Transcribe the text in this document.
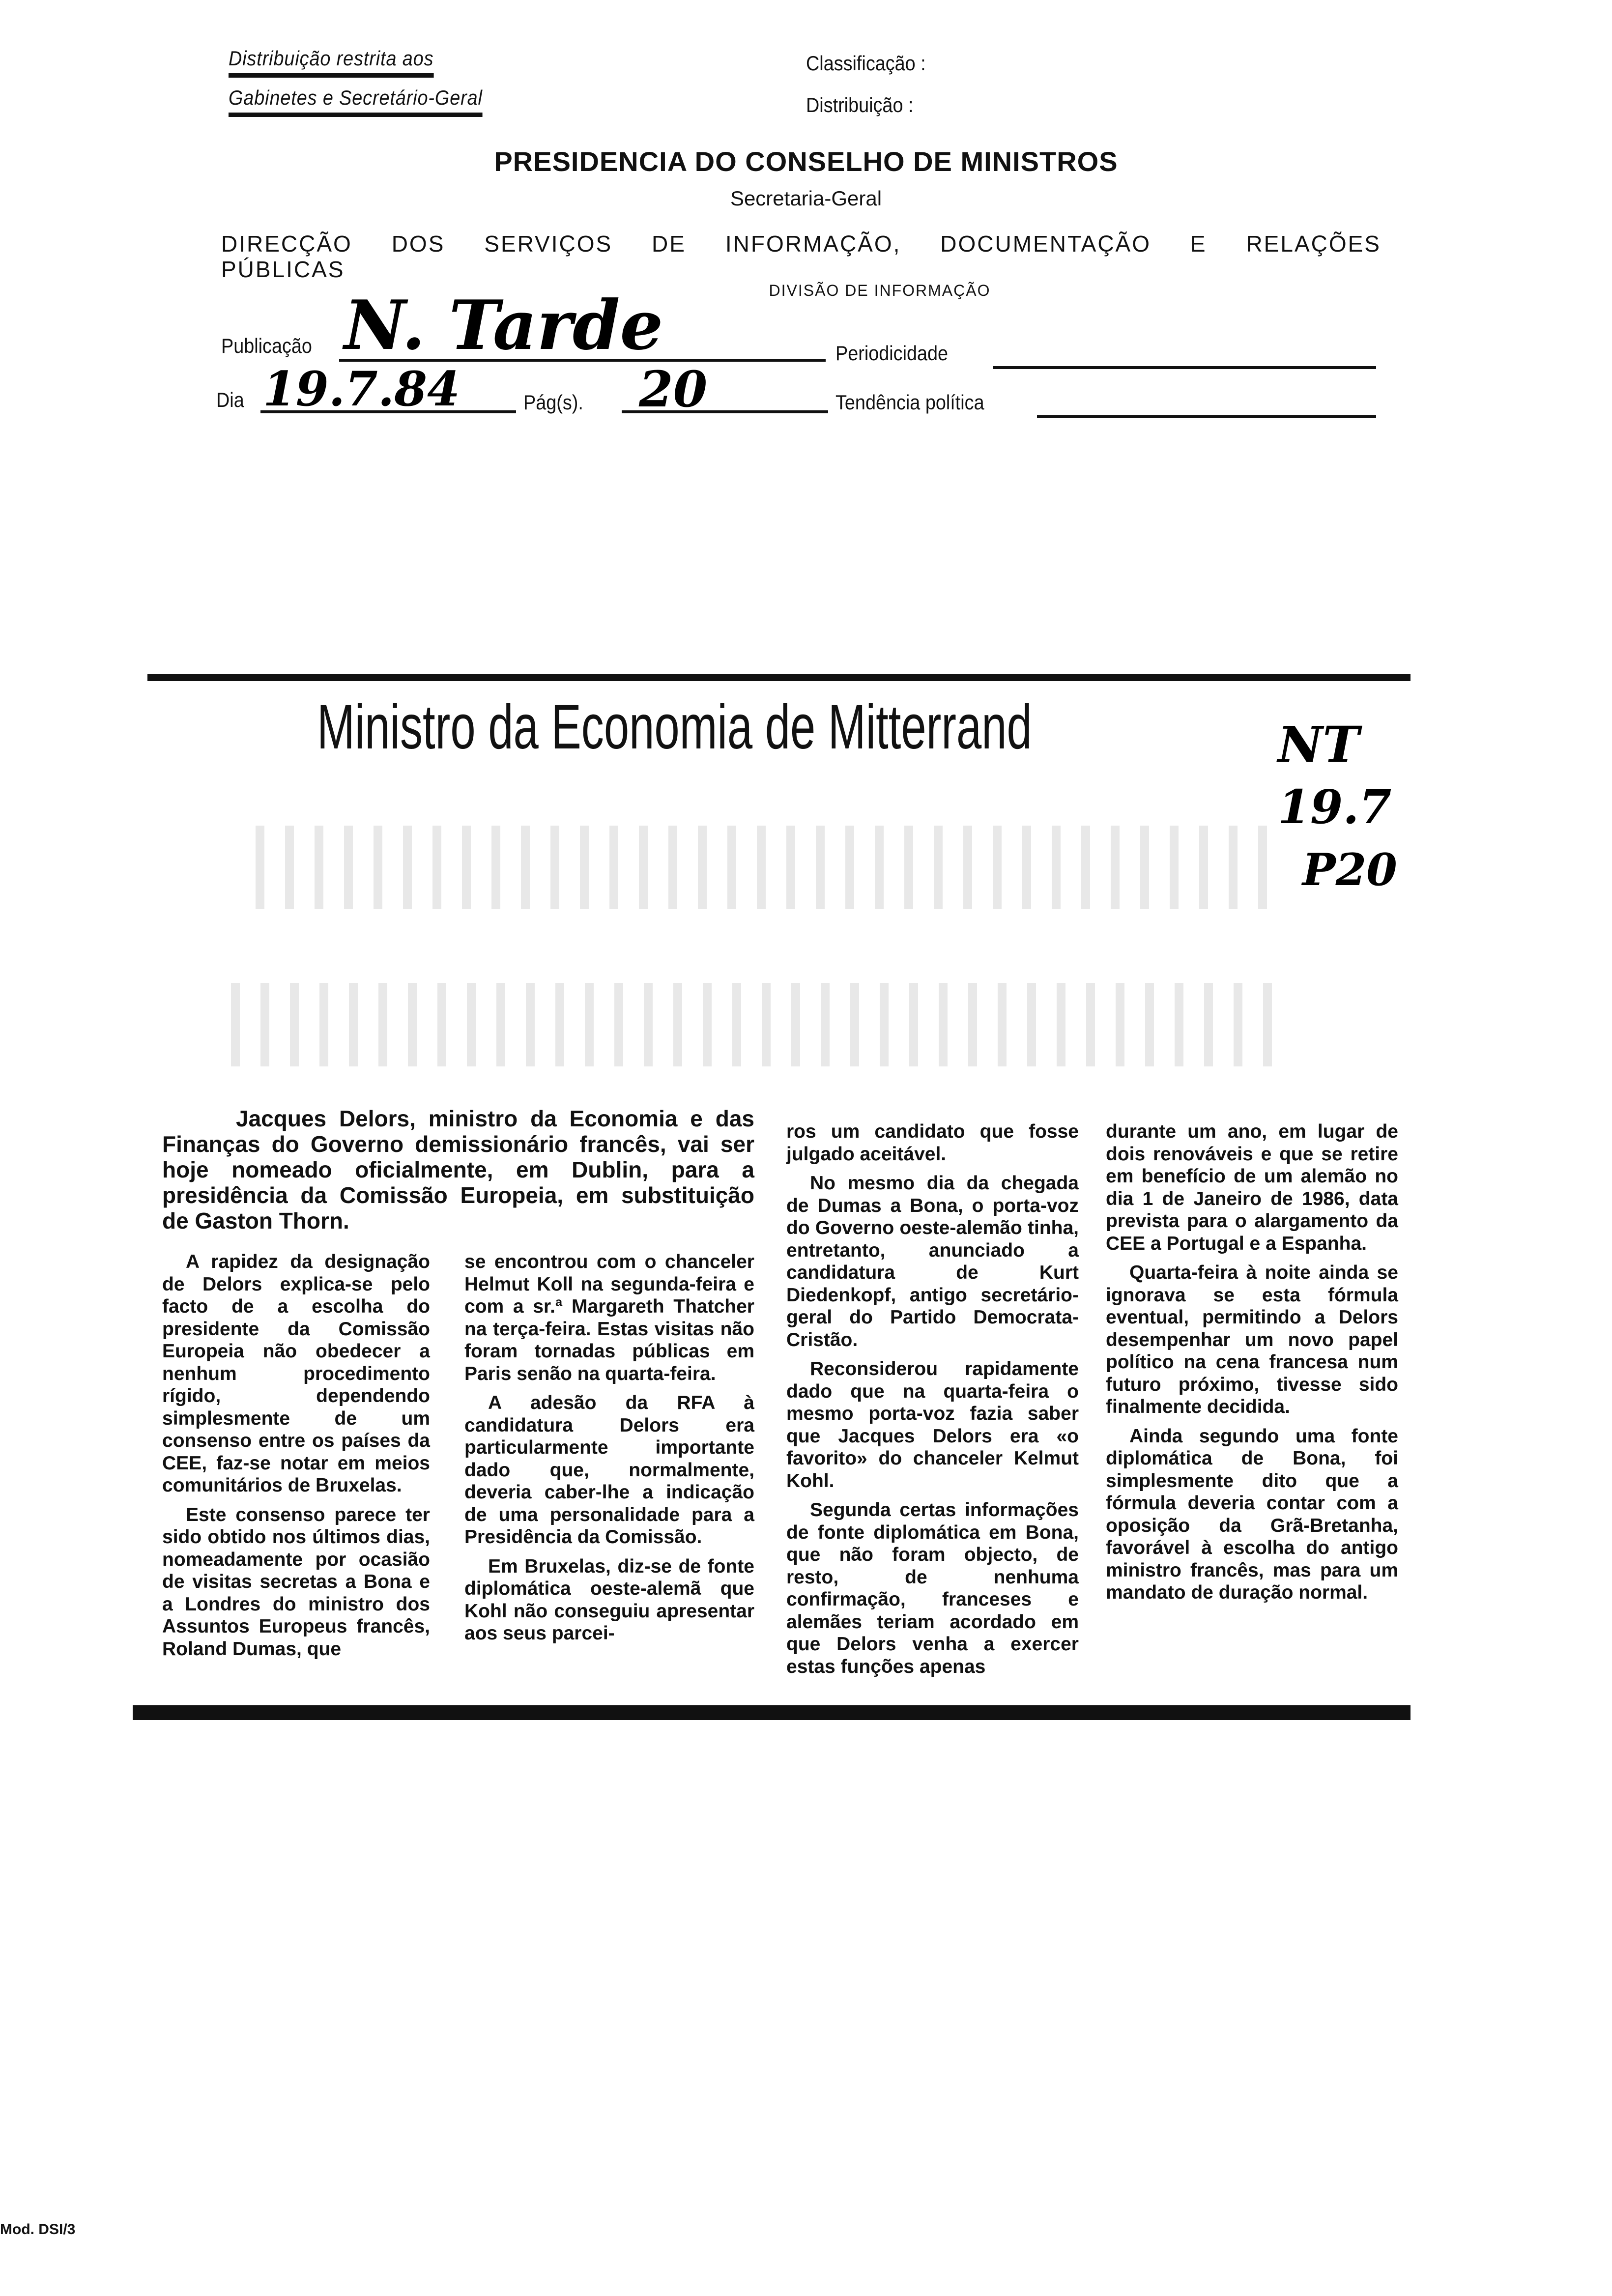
Distribuição restrita aos
Gabinetes e Secretário-Geral
Classificação :
Distribuição :
PRESIDENCIA DO CONSELHO DE MINISTROS
Secretaria-Geral
DIRECÇÃO DOS SERVIÇOS DE INFORMAÇÃO, DOCUMENTAÇÃO E RELAÇÕES PÚBLICAS
DIVISÃO DE INFORMAÇÃO
Publicação N. Tarde	Periodicidade
Dia 19.7.84	Pág(s). 20	Tendência política
Ministro da Economia de Mitterrand	NT
19.7
P20
Jacques Delors, ministro da Economia e das Finanças do Governo demissionário francês, vai ser hoje nomeado oficialmente, em Dublin, para a presidência da Comissão Europeia, em substituição de Gaston Thorn.

A rapidez da designação de Delors explica-se pelo facto de a escolha do presidente da Comissão Europeia não obedecer a nenhum procedimento rígido, dependendo simplesmente de um consenso entre os países da CEE, faz-se notar em meios comunitários de Bruxelas.

Este consenso parece ter sido obtido nos últimos dias, nomeadamente por ocasião de visitas secretas a Bona e a Londres do ministro dos Assuntos Europeus francês, Roland Dumas, que

se encontrou com o chanceler Helmut Koll na segunda-feira e com a sr.ª Margareth Thatcher na terça-feira. Estas visitas não foram tornadas públicas em Paris senão na quarta-feira.

A adesão da RFA à candidatura Delors era particularmente importante dado que, normalmente, deveria caber-lhe a indicação de uma personalidade para a Presidência da Comissão.

Em Bruxelas, diz-se de fonte diplomática oeste-alemã que Kohl não conseguiu apresentar aos seus parcei-

ros um candidato que fosse julgado aceitável.

No mesmo dia da chegada de Dumas a Bona, o porta-voz do Governo oeste-alemão tinha, entretanto, anunciado a candidatura de Kurt Diedenkopf, antigo secretário-geral do Partido Democrata-Cristão.

Reconsiderou rapidamente dado que na quarta-feira o mesmo porta-voz fazia saber que Jacques Delors era «o favorito» do chanceler Kelmut Kohl.

Segunda certas informações de fonte diplomática em Bona, que não foram objecto, de resto, de nenhuma confirmação, franceses e alemães teriam acordado em que Delors venha a exercer estas funções apenas

durante um ano, em lugar de dois renováveis e que se retire em benefício de um alemão no dia 1 de Janeiro de 1986, data prevista para o alargamento da CEE a Portugal e a Espanha.

Quarta-feira à noite ainda se ignorava se esta fórmula eventual, permitindo a Delors desempenhar um novo papel político na cena francesa num futuro próximo, tivesse sido finalmente decidida.

Ainda segundo uma fonte diplomática de Bona, foi simplesmente dito que a fórmula deveria contar com a oposição da Grã-Bretanha, favorável à escolha do antigo ministro francês, mas para um mandato de duração normal.

Mod. DSI/3
